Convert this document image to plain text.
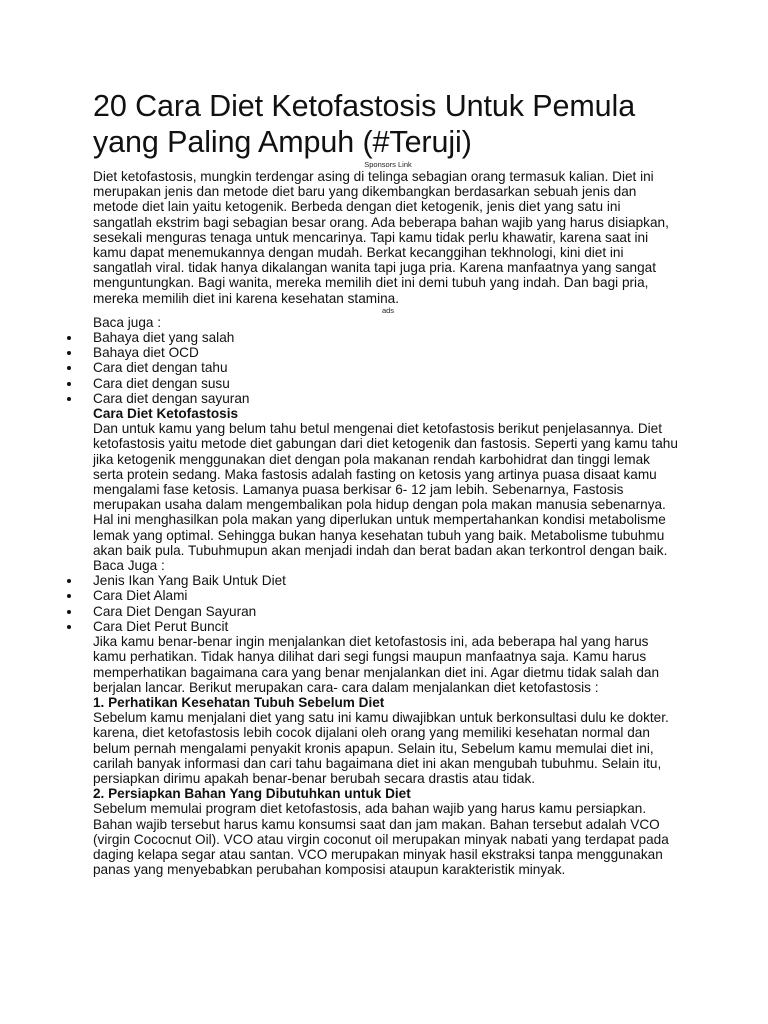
20 Cara Diet Ketofastosis Untuk Pemula yang Paling Ampuh (#Teruji)

Sponsors Link

Diet ketofastosis, mungkin terdengar asing di telinga sebagian orang termasuk kalian. Diet ini merupakan jenis dan metode diet baru yang dikembangkan berdasarkan sebuah jenis dan metode diet lain yaitu ketogenik. Berbeda dengan diet ketogenik, jenis diet yang satu ini sangatlah ekstrim bagi sebagian besar orang. Ada beberapa bahan wajib yang harus disiapkan, sesekali menguras tenaga untuk mencarinya. Tapi kamu tidak perlu khawatir, karena saat ini kamu dapat menemukannya dengan mudah. Berkat kecanggihan tekhnologi, kini diet ini sangatlah viral. tidak hanya dikalangan wanita tapi juga pria. Karena manfaatnya yang sangat menguntungkan. Bagi wanita, mereka memilih diet ini demi tubuh yang indah. Dan bagi pria, mereka memilih diet ini karena kesehatan stamina.

ads

Baca juga :

Bahaya diet yang salah
Bahaya diet OCD
Cara diet dengan tahu
Cara diet dengan susu
Cara diet dengan sayuran

Cara Diet Ketofastosis

Dan untuk kamu yang belum tahu betul mengenai diet ketofastosis berikut penjelasannya. Diet ketofastosis yaitu metode diet gabungan dari diet ketogenik dan fastosis. Seperti yang kamu tahu jika ketogenik menggunakan diet dengan pola makanan rendah karbohidrat dan tinggi lemak serta protein sedang. Maka fastosis adalah fasting on ketosis yang artinya puasa disaat kamu mengalami fase ketosis. Lamanya puasa berkisar 6- 12 jam lebih. Sebenarnya, Fastosis merupakan usaha dalam mengembalikan pola hidup dengan pola makan manusia sebenarnya. Hal ini menghasilkan pola makan yang diperlukan untuk mempertahankan kondisi metabolisme lemak yang optimal. Sehingga bukan hanya kesehatan tubuh yang baik. Metabolisme tubuhmu akan baik pula. Tubuhmupun akan menjadi indah dan berat badan akan terkontrol dengan baik.

Baca Juga :

Jenis Ikan Yang Baik Untuk Diet
Cara Diet Alami
Cara Diet Dengan Sayuran
Cara Diet Perut Buncit

Jika kamu benar-benar ingin menjalankan diet ketofastosis ini, ada beberapa hal yang harus kamu perhatikan. Tidak hanya dilihat dari segi fungsi maupun manfaatnya saja. Kamu harus memperhatikan bagaimana cara yang benar menjalankan diet ini. Agar dietmu tidak salah dan berjalan lancar. Berikut merupakan cara- cara dalam menjalankan diet ketofastosis :

1. Perhatikan Kesehatan Tubuh Sebelum Diet

Sebelum kamu menjalani diet yang satu ini kamu diwajibkan untuk berkonsultasi dulu ke dokter. karena, diet ketofastosis lebih cocok dijalani oleh orang yang memiliki kesehatan normal dan belum pernah mengalami penyakit kronis apapun. Selain itu, Sebelum kamu memulai diet ini, carilah banyak informasi dan cari tahu bagaimana diet ini akan mengubah tubuhmu. Selain itu, persiapkan dirimu apakah benar-benar berubah secara drastis atau tidak.

2. Persiapkan Bahan Yang Dibutuhkan untuk Diet

Sebelum memulai program diet ketofastosis, ada bahan wajib yang harus kamu persiapkan. Bahan wajib tersebut harus kamu konsumsi saat dan jam makan. Bahan tersebut adalah VCO (virgin Cococnut Oil). VCO atau virgin coconut oil merupakan minyak nabati yang terdapat pada daging kelapa segar atau santan. VCO merupakan minyak hasil ekstraksi tanpa menggunakan panas yang menyebabkan perubahan komposisi ataupun karakteristik minyak.
